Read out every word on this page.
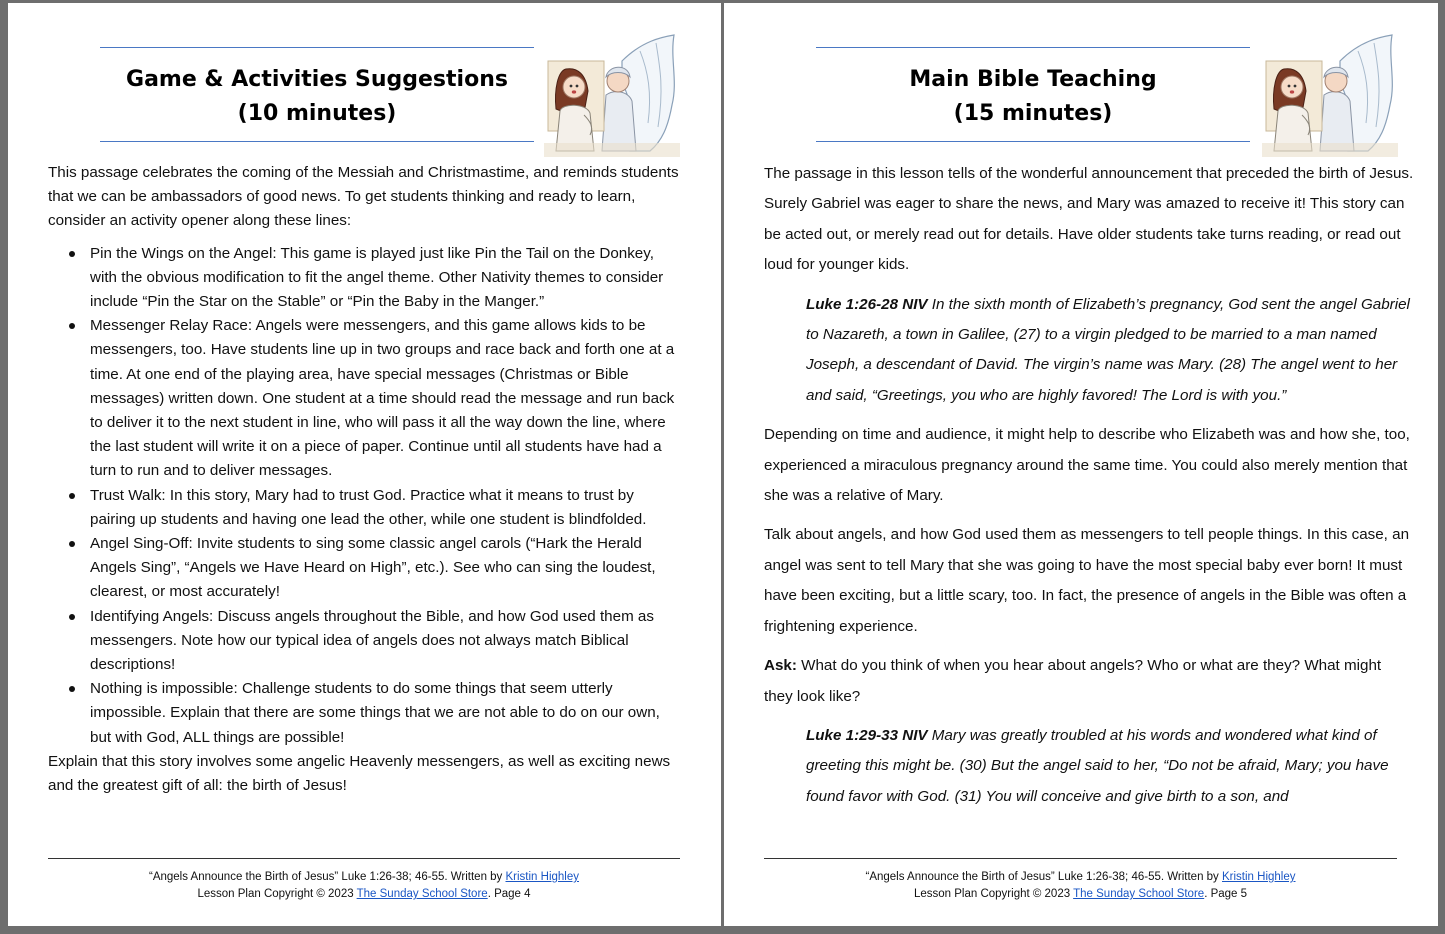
Game & Activities Suggestions
(10 minutes)

This passage celebrates the coming of the Messiah and Christmastime, and reminds students that we can be ambassadors of good news. To get students thinking and ready to learn, consider an activity opener along these lines:

Pin the Wings on the Angel: This game is played just like Pin the Tail on the Donkey, with the obvious modification to fit the angel theme. Other Nativity themes to consider include “Pin the Star on the Stable” or “Pin the Baby in the Manger.”
Messenger Relay Race: Angels were messengers, and this game allows kids to be messengers, too. Have students line up in two groups and race back and forth one at a time. At one end of the playing area, have special messages (Christmas or Bible messages) written down. One student at a time should read the message and run back to deliver it to the next student in line, who will pass it all the way down the line, where the last student will write it on a piece of paper. Continue until all students have had a turn to run and to deliver messages.
Trust Walk: In this story, Mary had to trust God. Practice what it means to trust by pairing up students and having one lead the other, while one student is blindfolded.
Angel Sing-Off: Invite students to sing some classic angel carols (“Hark the Herald Angels Sing”, “Angels we Have Heard on High”, etc.). See who can sing the loudest, clearest, or most accurately!
Identifying Angels: Discuss angels throughout the Bible, and how God used them as messengers. Note how our typical idea of angels does not always match Biblical descriptions!
Nothing is impossible: Challenge students to do some things that seem utterly impossible. Explain that there are some things that we are not able to do on our own, but with God, ALL things are possible!

Explain that this story involves some angelic Heavenly messengers, as well as exciting news and the greatest gift of all: the birth of Jesus!

“Angels Announce the Birth of Jesus” Luke 1:26-38; 46-55. Written by Kristin Highley
Lesson Plan Copyright © 2023 The Sunday School Store. Page 4
Main Bible Teaching
(15 minutes)

The passage in this lesson tells of the wonderful announcement that preceded the birth of Jesus. Surely Gabriel was eager to share the news, and Mary was amazed to receive it! This story can be acted out, or merely read out for details. Have older students take turns reading, or read out loud for younger kids.

Luke 1:26-28 NIV In the sixth month of Elizabeth’s pregnancy, God sent the angel Gabriel to Nazareth, a town in Galilee, (27) to a virgin pledged to be married to a man named Joseph, a descendant of David. The virgin’s name was Mary. (28) The angel went to her and said, “Greetings, you who are highly favored! The Lord is with you.”

Depending on time and audience, it might help to describe who Elizabeth was and how she, too, experienced a miraculous pregnancy around the same time. You could also merely mention that she was a relative of Mary.

Talk about angels, and how God used them as messengers to tell people things. In this case, an angel was sent to tell Mary that she was going to have the most special baby ever born! It must have been exciting, but a little scary, too. In fact, the presence of angels in the Bible was often a frightening experience.

Ask: What do you think of when you hear about angels? Who or what are they? What might they look like?

Luke 1:29-33 NIV Mary was greatly troubled at his words and wondered what kind of greeting this might be. (30) But the angel said to her, “Do not be afraid, Mary; you have found favor with God. (31) You will conceive and give birth to a son, and

“Angels Announce the Birth of Jesus” Luke 1:26-38; 46-55. Written by Kristin Highley
Lesson Plan Copyright © 2023 The Sunday School Store. Page 5
